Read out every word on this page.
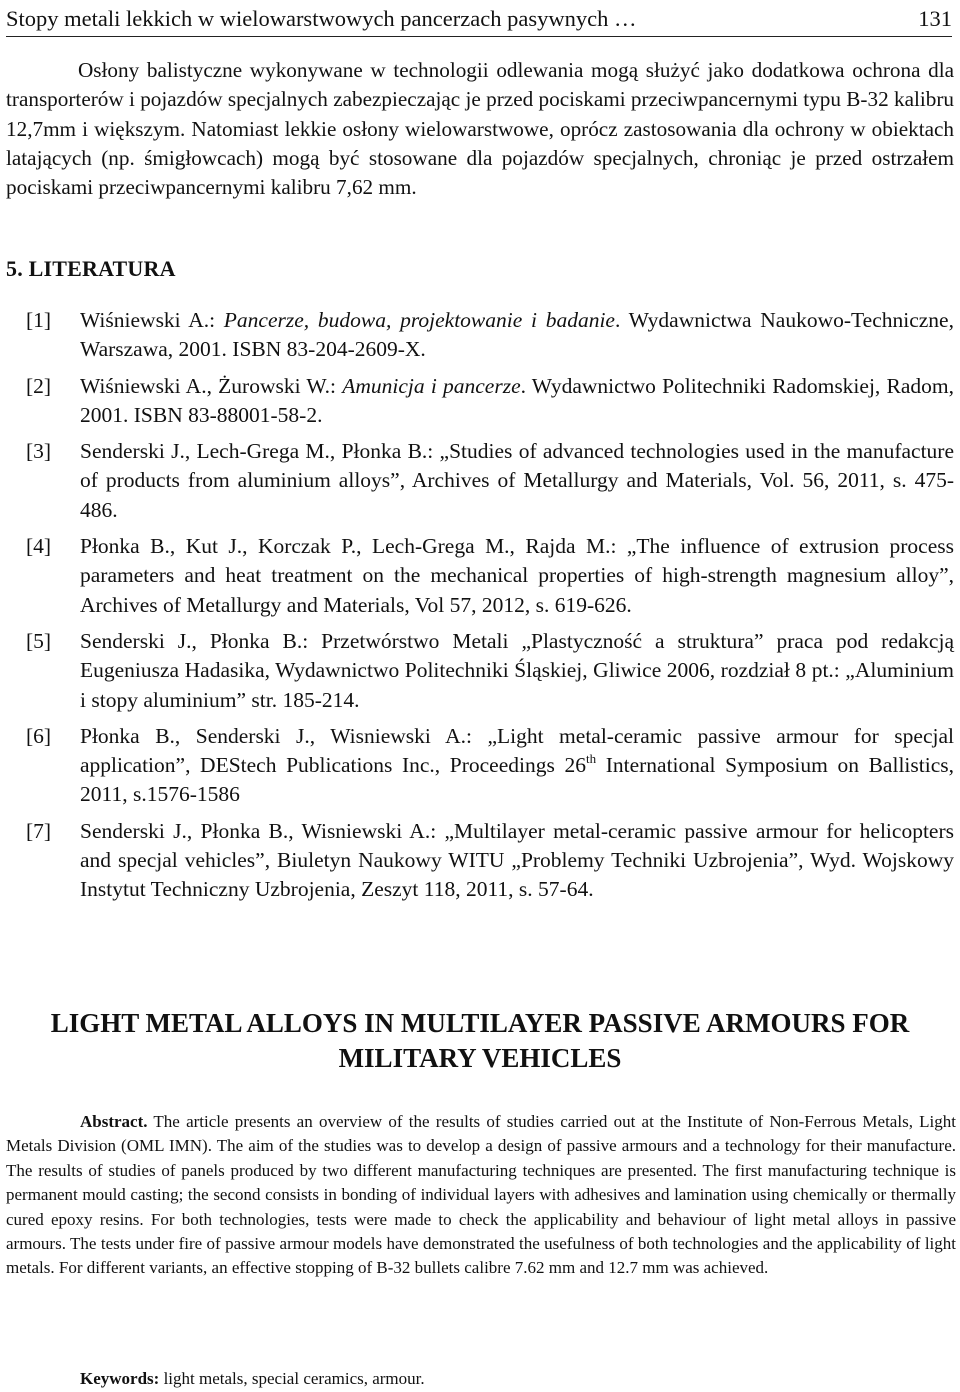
Stopy metali lekkich w wielowarstwowych pancerzach pasywnych …	131

Osłony balistyczne wykonywane w technologii odlewania mogą służyć jako dodatkowa ochrona dla transporterów i pojazdów specjalnych zabezpieczając je przed pociskami przeciwpancernymi typu B-32 kalibru 12,7mm i większym. Natomiast lekkie osłony wielowarstwowe, oprócz zastosowania dla ochrony w obiektach latających (np. śmigłowcach) mogą być stosowane dla pojazdów specjalnych, chroniąc je przed ostrzałem pociskami przeciwpancernymi kalibru 7,62 mm.

5. LITERATURA
[1] Wiśniewski A.: Pancerze, budowa, projektowanie i badanie. Wydawnictwa Naukowo-Techniczne, Warszawa, 2001. ISBN 83-204-2609-X.
[2] Wiśniewski A., Żurowski W.: Amunicja i pancerze. Wydawnictwo Politechniki Radomskiej, Radom, 2001. ISBN 83-88001-58-2.
[3] Senderski J., Lech-Grega M., Płonka B.: „Studies of advanced technologies used in the manufacture of products from aluminium alloys”, Archives of Metallurgy and Materials, Vol. 56, 2011, s. 475-486.
[4] Płonka B., Kut J., Korczak P., Lech-Grega M., Rajda M.: „The influence of extrusion process parameters and heat treatment on the mechanical properties of high-strength magnesium alloy”, Archives of Metallurgy and Materials, Vol 57, 2012, s. 619-626.
[5] Senderski J., Płonka B.: Przetwórstwo Metali „Plastyczność a struktura” praca pod redakcją Eugeniusza Hadasika, Wydawnictwo Politechniki Śląskiej, Gliwice 2006, rozdział 8 pt.: „Aluminium i stopy aluminium” str. 185-214.
[6] Płonka B., Senderski J., Wisniewski A.: „Light metal-ceramic passive armour for specjal application”, DEStech Publications Inc., Proceedings 26th International Symposium on Ballistics, 2011, s.1576-1586
[7] Senderski J., Płonka B., Wisniewski A.: „Multilayer metal-ceramic passive armour for helicopters and specjal vehicles”, Biuletyn Naukowy WITU „Problemy Techniki Uzbrojenia”, Wyd. Wojskowy Instytut Techniczny Uzbrojenia, Zeszyt 118, 2011, s. 57-64.
LIGHT METAL ALLOYS IN MULTILAYER PASSIVE ARMOURS FOR
MILITARY VEHICLES

Abstract. The article presents an overview of the results of studies carried out at the Institute of Non-Ferrous Metals, Light Metals Division (OML IMN). The aim of the studies was to develop a design of passive armours and a technology for their manufacture. The results of studies of panels produced by two different manufacturing techniques are presented. The first manufacturing technique is permanent mould casting; the second consists in bonding of individual layers with adhesives and lamination using chemically or thermally cured epoxy resins. For both technologies, tests were made to check the applicability and behaviour of light metal alloys in passive armours. The tests under fire of passive armour models have demonstrated the usefulness of both technologies and the applicability of light metals. For different variants, an effective stopping of B-32 bullets calibre 7.62 mm and 12.7 mm was achieved.

Keywords: light metals, special ceramics, armour.
